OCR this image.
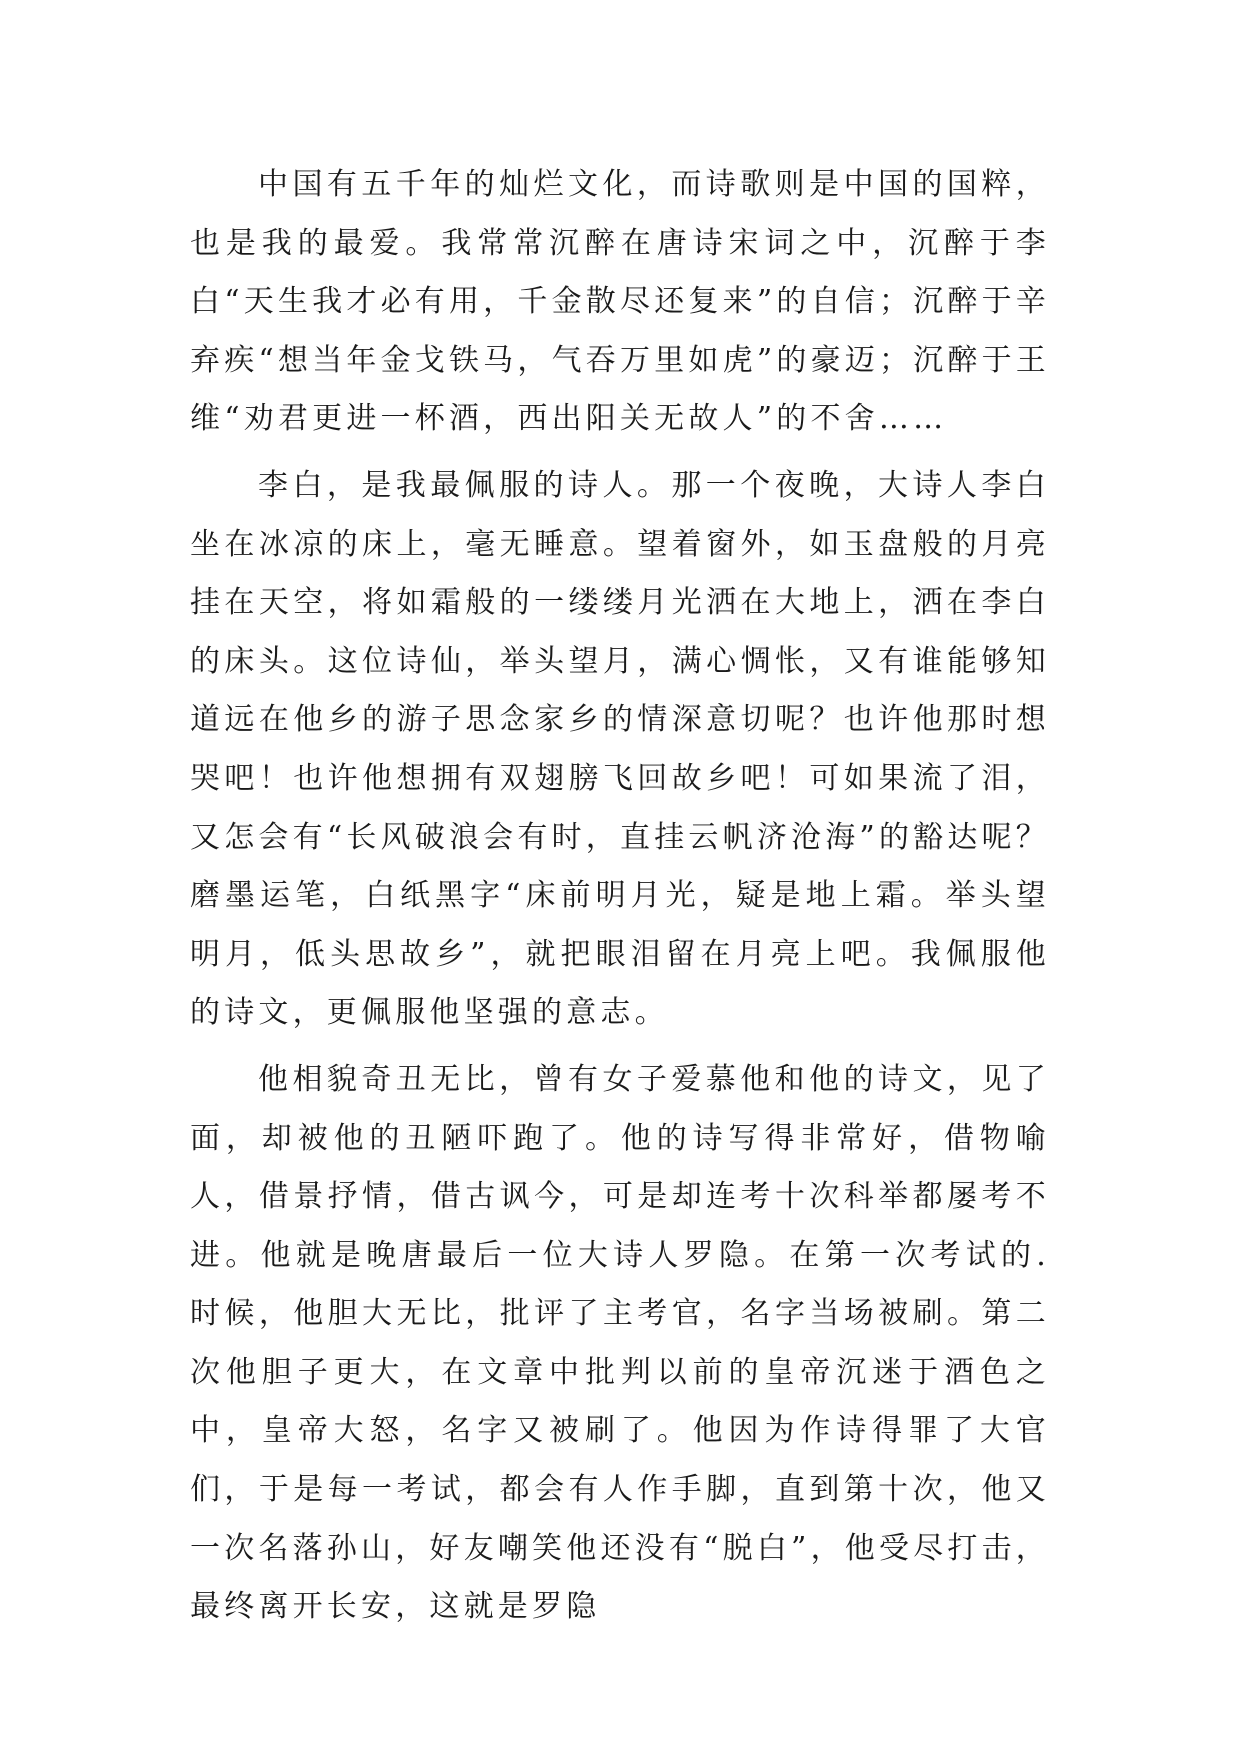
中国有五千年的灿烂文化，而诗歌则是中国的国粹，也是我的最爱。我常常沉醉在唐诗宋词之中，沉醉于李白“天生我才必有用，千金散尽还复来”的自信；沉醉于辛弃疾“想当年金戈铁马，气吞万里如虎”的豪迈；沉醉于王维“劝君更进一杯酒，西出阳关无故人”的不舍……

李白，是我最佩服的诗人。那一个夜晚，大诗人李白坐在冰凉的床上，毫无睡意。望着窗外，如玉盘般的月亮挂在天空，将如霜般的一缕缕月光洒在大地上，洒在李白的床头。这位诗仙，举头望月，满心惆怅，又有谁能够知道远在他乡的游子思念家乡的情深意切呢？也许他那时想哭吧！也许他想拥有双翅膀飞回故乡吧！可如果流了泪，又怎会有“长风破浪会有时，直挂云帆济沧海”的豁达呢？磨墨运笔，白纸黑字“床前明月光，疑是地上霜。举头望明月，低头思故乡”，就把眼泪留在月亮上吧。我佩服他的诗文，更佩服他坚强的意志。

他相貌奇丑无比，曾有女子爱慕他和他的诗文，见了面，却被他的丑陋吓跑了。他的诗写得非常好，借物喻人，借景抒情，借古讽今，可是却连考十次科举都屡考不进。他就是晚唐最后一位大诗人罗隐。在第一次考试的.时候，他胆大无比，批评了主考官，名字当场被刷。第二次他胆子更大，在文章中批判以前的皇帝沉迷于酒色之中，皇帝大怒，名字又被刷了。他因为作诗得罪了大官们，于是每一考试，都会有人作手脚，直到第十次，他又一次名落孙山，好友嘲笑他还没有“脱白”，他受尽打击，最终离开长安，这就是罗隐
